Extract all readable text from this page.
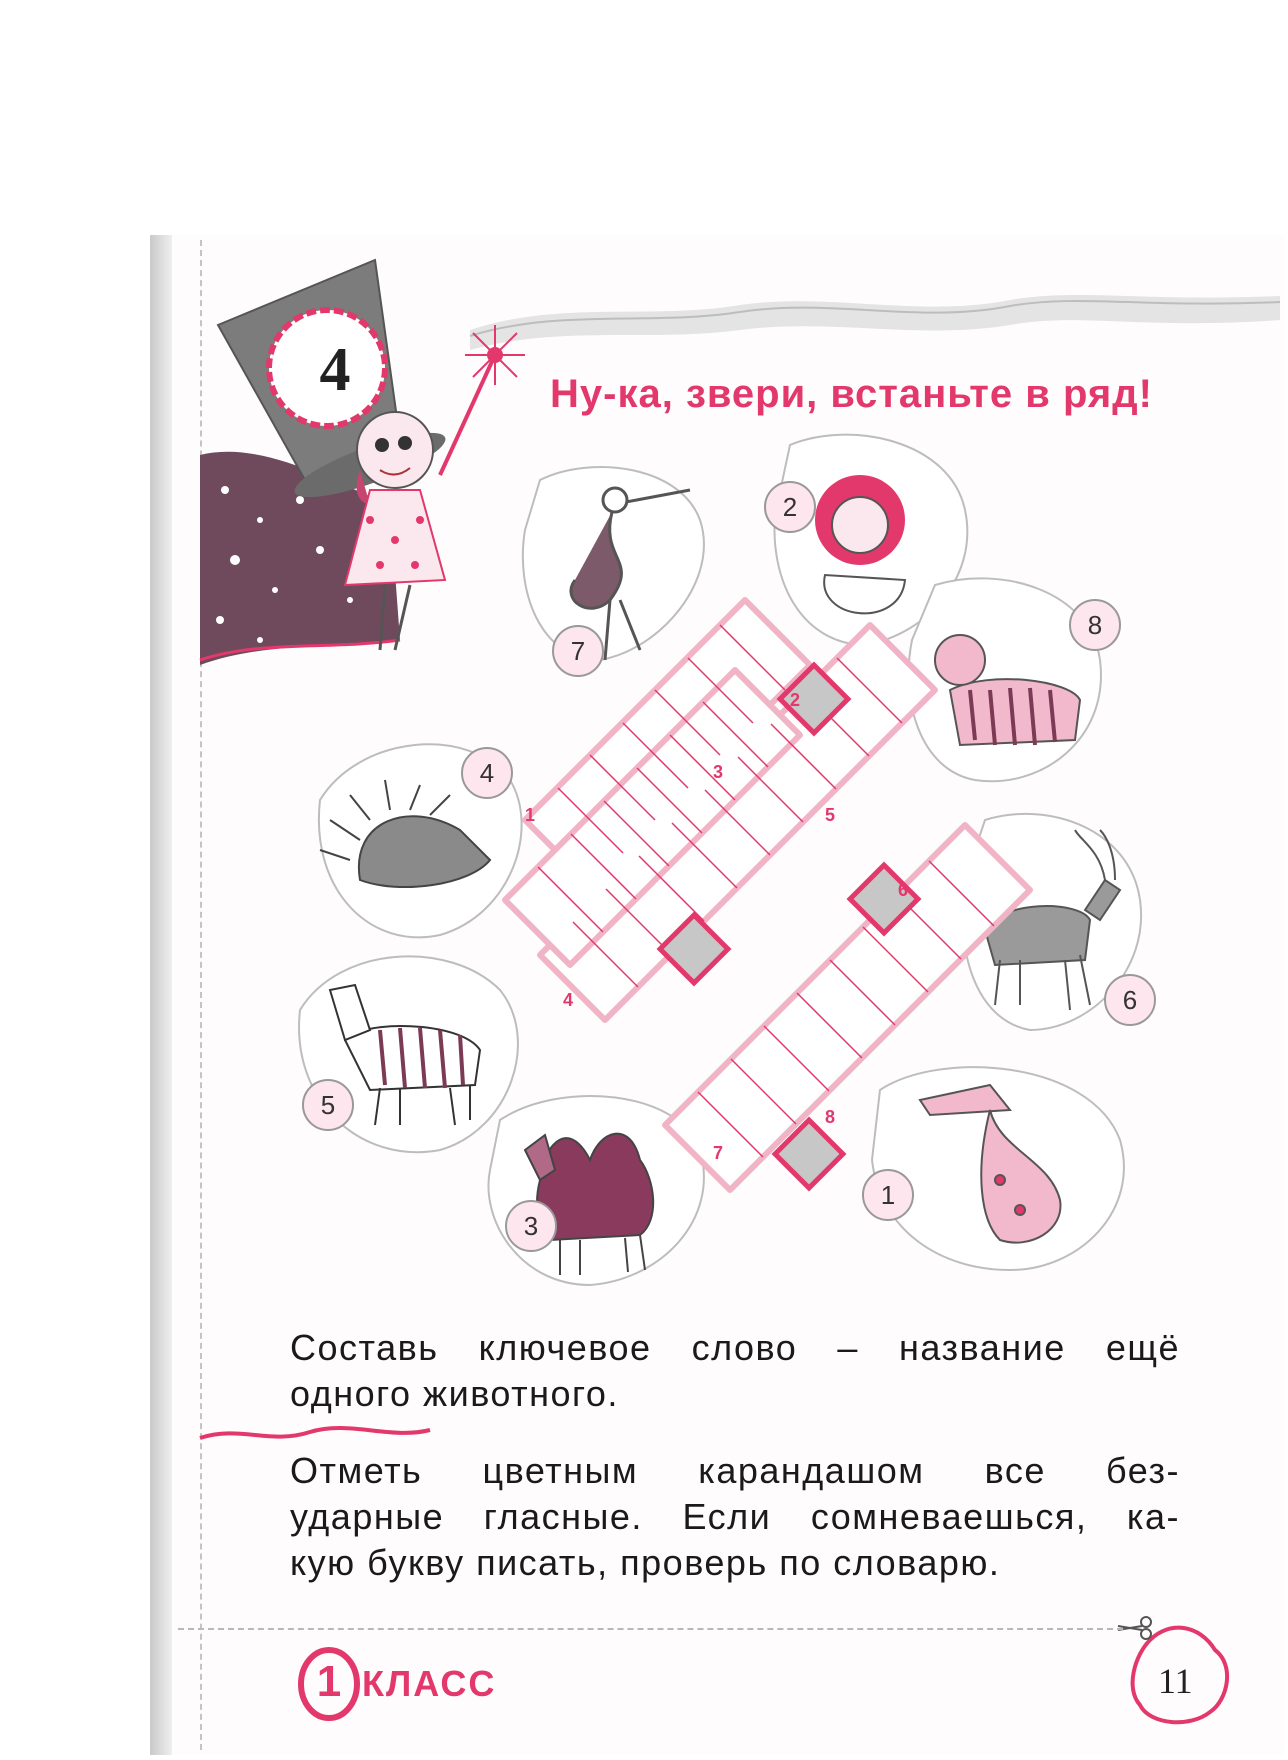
4	Ну-ка, звери, встаньте в ряд!
1
2
3
4
5
6
7
8
2
8
7
4
6
5
1
3
Составь ключевое слово – название ещё
одного животного.
Отметь цветным карандашом все без-
ударные гласные. Если сомневаешься, ка-
кую букву писать, проверь по словарю.
1 КЛАСС	11
